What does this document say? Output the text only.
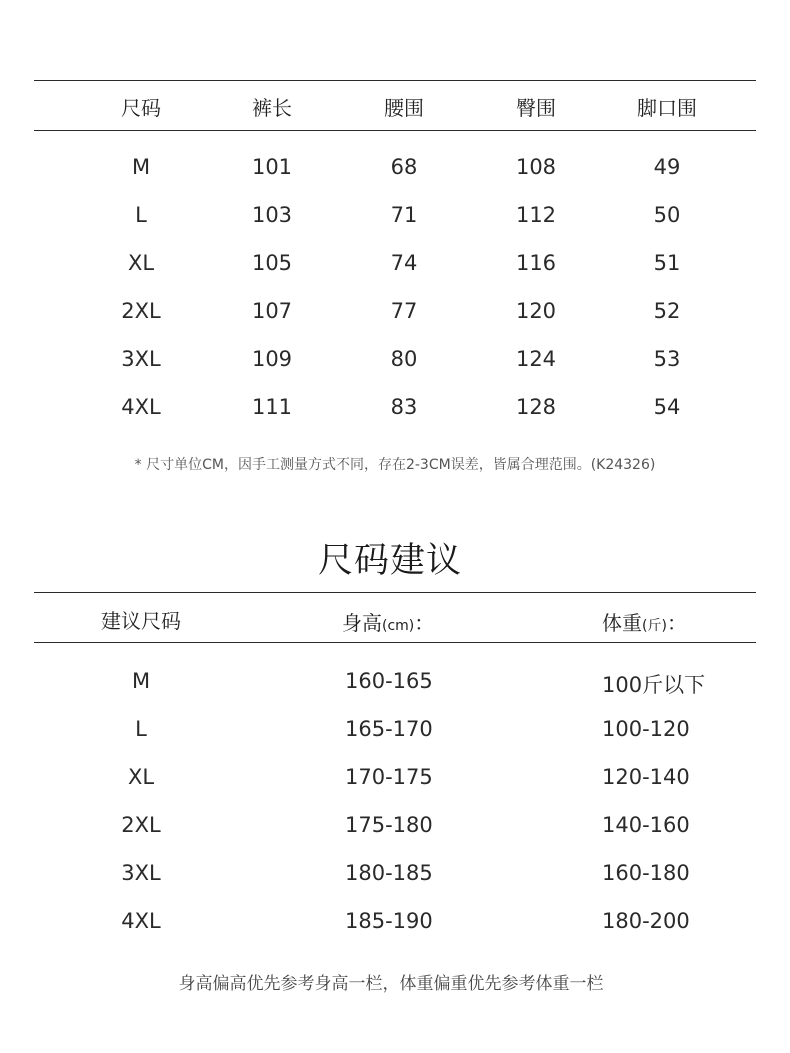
尺码	裤长	腰围	臀围	脚口围
M	101	68	108	49
L	103	71	112	50
XL	105	74	116	51
2XL	107	77	120	52
3XL	109	80	124	53
4XL	111	83	128	54
* 尺寸单位CM，因手工测量方式不同，存在2-3CM误差，皆属合理范围。(K24326)
尺码建议
建议尺码	身高(cm)：	体重(斤)：
M	160-165	100斤以下
L	165-170	100-120
XL	170-175	120-140
2XL	175-180	140-160
3XL	180-185	160-180
4XL	185-190	180-200
身高偏高优先参考身高一栏，体重偏重优先参考体重一栏
